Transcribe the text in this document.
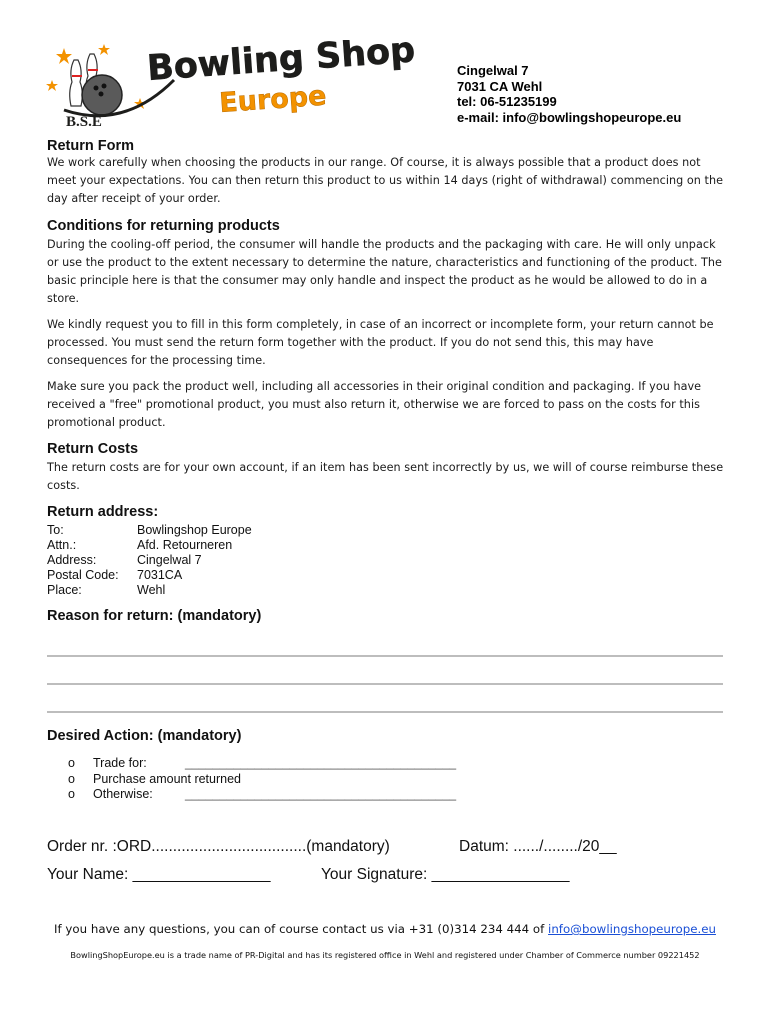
B.S.E
Bowling Shop
Europe
Cingelwal 7
7031 CA Wehl
tel: 06-51235199
e-mail: info@bowlingshopeurope.eu
Return Form

We work carefully when choosing the products in our range. Of course, it is always possible that a product does not meet your expectations. You can then return this product to us within 14 days (right of withdrawal) commencing on the day after receipt of your order.

Conditions for returning products

During the cooling-off period, the consumer will handle the products and the packaging with care. He will only unpack or use the product to the extent necessary to determine the nature, characteristics and functioning of the product. The basic principle here is that the consumer may only handle and inspect the product as he would be allowed to do in a store.

We kindly request you to fill in this form completely, in case of an incorrect or incomplete form, your return cannot be processed. You must send the return form together with the product. If you do not send this, this may have consequences for the processing time.

Make sure you pack the product well, including all accessories in their original condition and packaging. If you have received a "free" promotional product, you must also return it, otherwise we are forced to pass on the costs for this promotional product.

Return Costs

The return costs are for your own account, if an item has been sent incorrectly by us, we will of course reimburse these costs.

Return address:
To:	Bowlingshop Europe
Attn.:	Afd. Retourneren
Address:	Cingelwal 7
Postal Code:	7031CA
Place:	Wehl
Reason for return: (mandatory)
Desired Action: (mandatory)
o	Trade for:	_______________________________________
o	Purchase amount returned
o	Otherwise:	_______________________________________
Order nr. :ORD....................................(mandatory)	Datum: ....../......../20__
Your Name: ________________	Your Signature: ________________
If you have any questions, you can of course contact us via +31 (0)314 234 444 of info@bowlingshopeurope.eu
BowlingShopEurope.eu is a trade name of PR-Digital and has its registered office in Wehl and registered under Chamber of Commerce number 09221452
